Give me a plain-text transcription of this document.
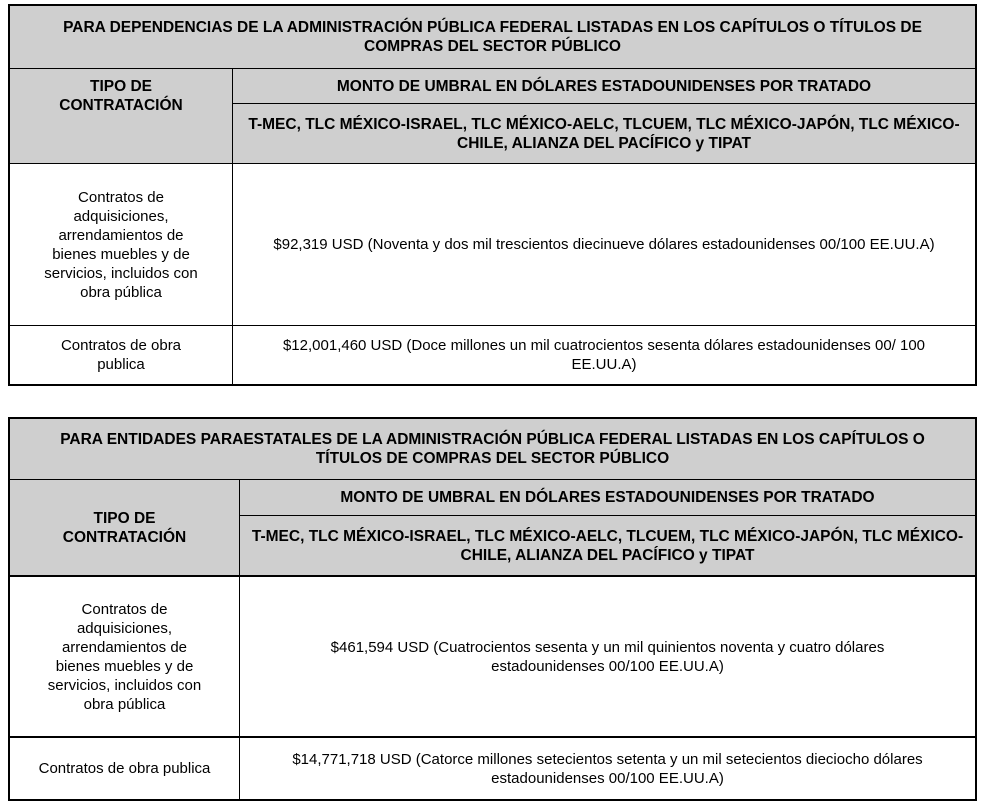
PARA DEPENDENCIAS DE LA ADMINISTRACIÓN PÚBLICA FEDERAL LISTADAS EN LOS CAPÍTULOS O TÍTULOS DE COMPRAS DEL SECTOR PÚBLICO
TIPO DE CONTRATACIÓN
MONTO DE UMBRAL EN DÓLARES ESTADOUNIDENSES POR TRATADO
T-MEC, TLC MÉXICO-ISRAEL, TLC MÉXICO-AELC, TLCUEM, TLC MÉXICO-JAPÓN, TLC MÉXICO-CHILE, ALIANZA DEL PACÍFICO y TIPAT
Contratos de adquisiciones, arrendamientos de bienes muebles y de servicios, incluidos con obra pública
$92,319 USD (Noventa y dos mil trescientos diecinueve dólares estadounidenses 00/100 EE.UU.A)
Contratos de obra publica
$12,001,460 USD (Doce millones un mil cuatrocientos sesenta dólares estadounidenses 00/ 100 EE.UU.A)
PARA ENTIDADES PARAESTATALES DE LA ADMINISTRACIÓN PÚBLICA FEDERAL LISTADAS EN LOS CAPÍTULOS O TÍTULOS DE COMPRAS DEL SECTOR PÚBLICO
TIPO DE CONTRATACIÓN
MONTO DE UMBRAL EN DÓLARES ESTADOUNIDENSES POR TRATADO
T-MEC, TLC MÉXICO-ISRAEL, TLC MÉXICO-AELC, TLCUEM, TLC MÉXICO-JAPÓN, TLC MÉXICO-CHILE, ALIANZA DEL PACÍFICO y TIPAT
Contratos de adquisiciones, arrendamientos de bienes muebles y de servicios, incluidos con obra pública
$461,594 USD (Cuatrocientos sesenta y un mil quinientos noventa y cuatro dólares estadounidenses 00/100 EE.UU.A)
Contratos de obra publica
$14,771,718 USD (Catorce millones setecientos setenta y un mil setecientos dieciocho dólares estadounidenses 00/100 EE.UU.A)
